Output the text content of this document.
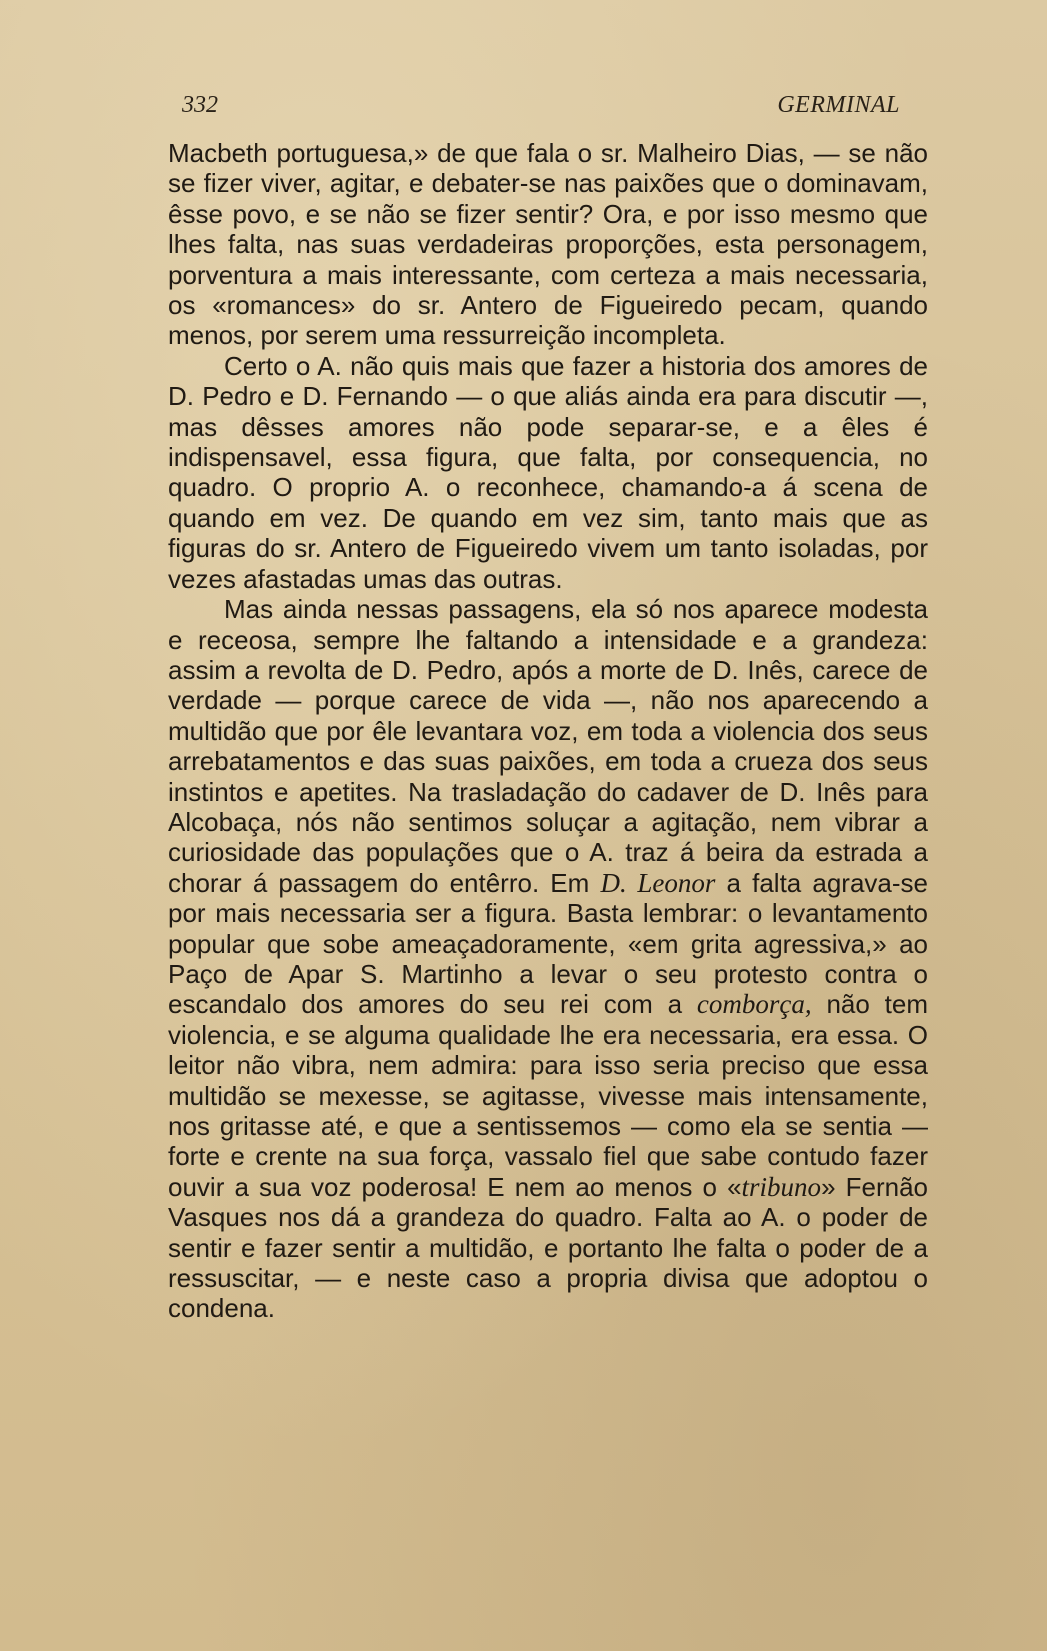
332	GERMINAL

Macbeth portuguesa,» de que fala o sr. Malheiro Dias, — se não se fizer viver, agitar, e debater-se nas paixões que o dominavam, êsse povo, e se não se fizer sentir? Ora, e por isso mesmo que lhes falta, nas suas verdadeiras proporções, esta personagem, porventura a mais interessante, com certeza a mais necessaria, os «romances» do sr. Antero de Figueiredo pecam, quando menos, por serem uma ressurreição incompleta.

Certo o A. não quis mais que fazer a historia dos amores de D. Pedro e D. Fernando — o que aliás ainda era para discutir —, mas dêsses amores não pode separar-se, e a êles é indispensavel, essa figura, que falta, por consequencia, no quadro. O proprio A. o reconhece, chamando-a á scena de quando em vez. De quando em vez sim, tanto mais que as figuras do sr. Antero de Figueiredo vivem um tanto isoladas, por vezes afastadas umas das outras.

Mas ainda nessas passagens, ela só nos aparece modesta e receosa, sempre lhe faltando a intensidade e a grandeza: assim a revolta de D. Pedro, após a morte de D. Inês, carece de verdade — porque carece de vida —, não nos aparecendo a multidão que por êle levantara voz, em toda a violencia dos seus arrebatamentos e das suas paixões, em toda a crueza dos seus instintos e apetites. Na trasladação do cadaver de D. Inês para Alcobaça, nós não sentimos soluçar a agitação, nem vibrar a curiosidade das populações que o A. traz á beira da estrada a chorar á passagem do entêrro. Em D. Leonor a falta agrava-se por mais necessaria ser a figura. Basta lembrar: o levantamento popular que sobe ameaçadoramente, «em grita agressiva,» ao Paço de Apar S. Martinho a levar o seu protesto contra o escandalo dos amores do seu rei com a comborça, não tem violencia, e se alguma qualidade lhe era necessaria, era essa. O leitor não vibra, nem admira: para isso seria preciso que essa multidão se mexesse, se agitasse, vivesse mais intensamente, nos gritasse até, e que a sentissemos — como ela se sentia — forte e crente na sua força, vassalo fiel que sabe contudo fazer ouvir a sua voz poderosa! E nem ao menos o «tribuno» Fernão Vasques nos dá a grandeza do quadro. Falta ao A. o poder de sentir e fazer sentir a multidão, e portanto lhe falta o poder de a ressuscitar, — e neste caso a propria divisa que adoptou o condena.
